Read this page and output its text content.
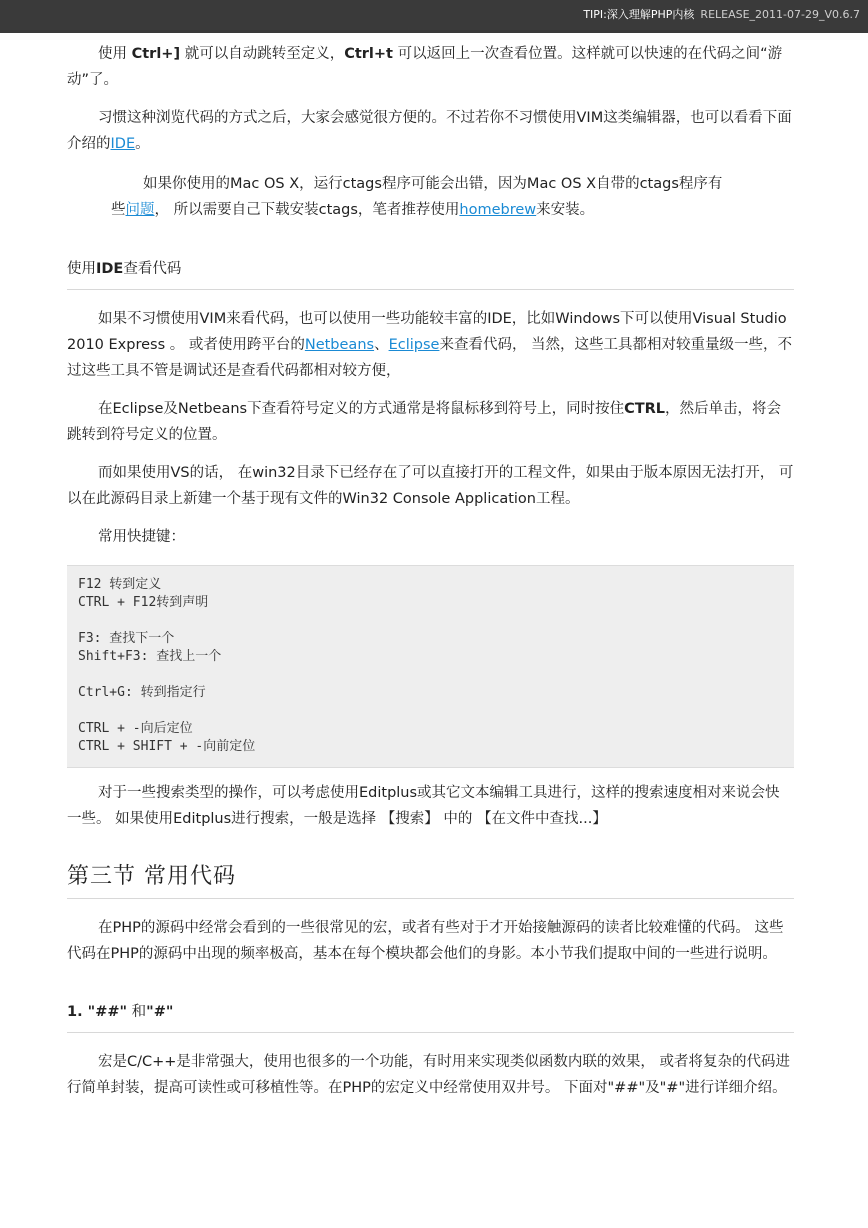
TIPI:深入理解PHP内核 RELEASE_2011-07-29_V0.6.7

使用 Ctrl+] 就可以自动跳转至定义，Ctrl+t 可以返回上一次查看位置。这样就可以快速的在代码之间“游动”了。

习惯这种浏览代码的方式之后，大家会感觉很方便的。不过若你不习惯使用VIM这类编辑器，也可以看看下面介绍的IDE。

如果你使用的Mac OS X，运行ctags程序可能会出错，因为Mac OS X自带的ctags程序有
些问题， 所以需要自己下载安装ctags，笔者推荐使用homebrew来安装。
使用IDE查看代码

如果不习惯使用VIM来看代码，也可以使用一些功能较丰富的IDE，比如Windows下可以使用Visual Studio 2010 Express 。 或者使用跨平台的Netbeans、Eclipse来查看代码， 当然，这些工具都相对较重量级一些，不过这些工具不管是调试还是查看代码都相对较方便，

在Eclipse及Netbeans下查看符号定义的方式通常是将鼠标移到符号上，同时按住CTRL，然后单击，将会跳转到符号定义的位置。

而如果使用VS的话， 在win32目录下已经存在了可以直接打开的工程文件，如果由于版本原因无法打开， 可以在此源码目录上新建一个基于现有文件的Win32 Console Application工程。

常用快捷键：

F12 转到定义
CTRL + F12转到声明
F3: 查找下一个
Shift+F3: 查找上一个
Ctrl+G: 转到指定行
CTRL + -向后定位
CTRL + SHIFT + -向前定位

对于一些搜索类型的操作，可以考虑使用Editplus或其它文本编辑工具进行，这样的搜索速度相对来说会快一些。 如果使用Editplus进行搜索，一般是选择 【搜索】 中的 【在文件中查找...】

第三节 常用代码

在PHP的源码中经常会看到的一些很常见的宏，或者有些对于才开始接触源码的读者比较难懂的代码。 这些代码在PHP的源码中出现的频率极高，基本在每个模块都会他们的身影。本小节我们提取中间的一些进行说明。

1. "##" 和"#"

宏是C/C++是非常强大，使用也很多的一个功能，有时用来实现类似函数内联的效果， 或者将复杂的代码进行简单封装，提高可读性或可移植性等。在PHP的宏定义中经常使用双井号。 下面对"##"及"#"进行详细介绍。
